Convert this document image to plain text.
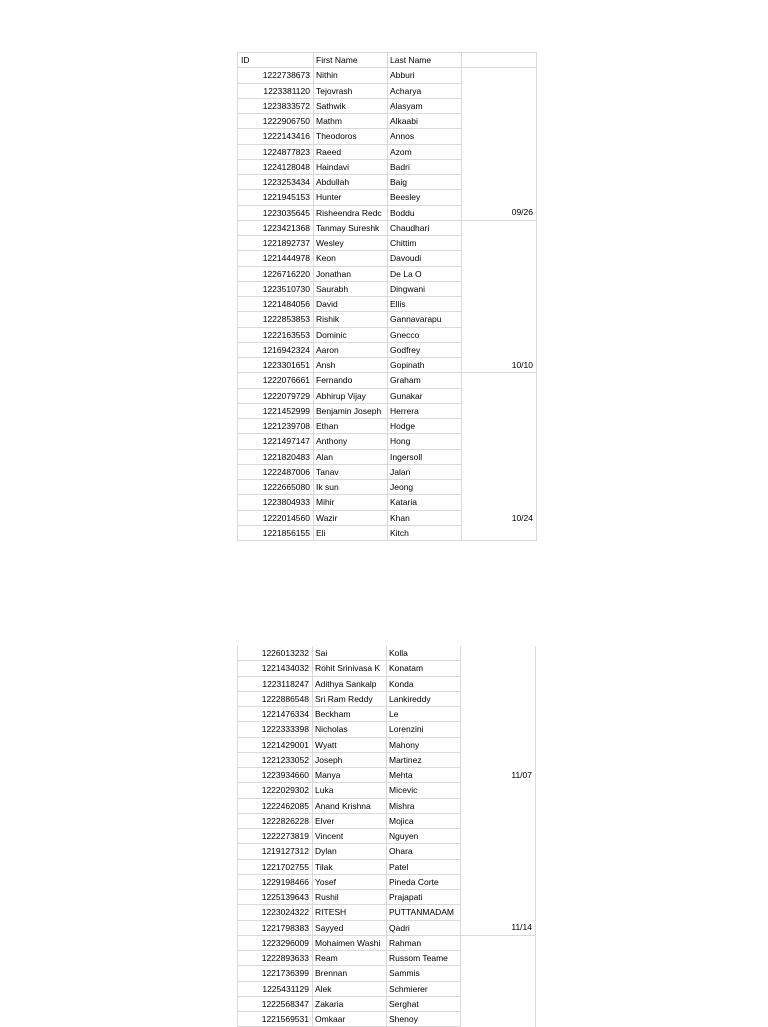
ID	First Name	Last Name	
1222738673	Nithin	Abburi	
1223381120	Tejovrash	Acharya	
1223833572	Sathwik	Alasyam	
1222906750	Mathm	Alkaabi	
1222143416	Theodoros	Annos	
1224877823	Raeed	Azom	
1224128048	Haindavi	Badri	
1223253434	Abdullah	Baig	
1221945153	Hunter	Beesley	
1223035645	Risheendra Redc	Boddu	09/26
1223421368	Tanmay Sureshk	Chaudhari	
1221892737	Wesley	Chittim	
1221444978	Keon	Davoudi	
1226716220	Jonathan	De La O	
1223510730	Saurabh	Dingwani	
1221484056	David	Ellis	
1222853853	Rishik	Gannavarapu	
1222163553	Dominic	Gnecco	
1216942324	Aaron	Godfrey	
1223301651	Ansh	Gopinath	10/10
1222076661	Fernando	Graham	
1222079729	Abhirup Vijay	Gunakar	
1221452999	Benjamin Joseph	Herrera	
1221239708	Ethan	Hodge	
1221497147	Anthony	Hong	
1221820483	Alan	Ingersoll	
1222487006	Tanav	Jalan	
1222665080	Ik sun	Jeong	
1223804933	Mihir	Kataria	
1222014560	Wazir	Khan	10/24
1221856155	Eli	Kitch	
1226013232	Sai	Kolla	
1221434032	Rohit Srinivasa K	Konatam	
1223118247	Adithya Sankalp	Konda	
1222886548	Sri Ram Reddy	Lankireddy	
1221476334	Beckham	Le	
1222333398	Nicholas	Lorenzini	
1221429001	Wyatt	Mahony	
1221233052	Joseph	Martinez	
1223934660	Manya	Mehta	11/07
1222029302	Luka	Micevic	
1222462085	Anand Krishna	Mishra	
1222826228	Elver	Mojica	
1222273819	Vincent	Nguyen	
1219127312	Dylan	Ohara	
1221702755	Tilak	Patel	
1229198466	Yosef	Pineda Corte	
1225139643	Rushil	Prajapati	
1223024322	RITESH	PUTTANMADAM	
1221798383	Sayyed	Qadri	11/14
1223296009	Mohaimen Washi	Rahman	
1222893633	Ream	Russom Teame	
1221736399	Brennan	Sammis	
1225431129	Alek	Schmierer	
1222568347	Zakaria	Serghat	
1221569531	Omkaar	Shenoy	
